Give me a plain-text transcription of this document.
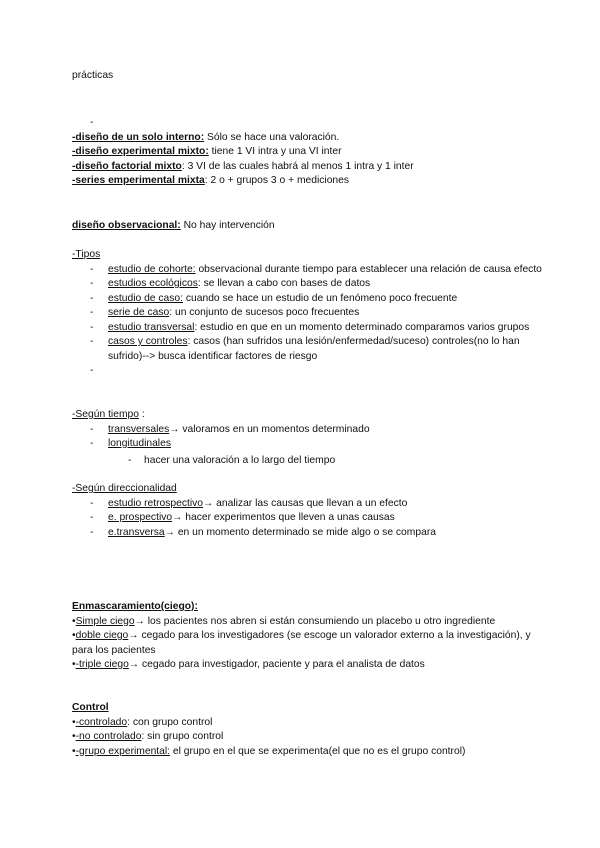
prácticas
-
-diseño de un solo interno: Sólo se hace una valoración.
-diseño experimental mixto: tiene 1 VI intra y una VI inter
-diseño factorial mixto: 3 VI de las cuales habrá al menos 1 intra y 1 inter
-series emperimental mixta: 2 o + grupos 3 o + mediciones
diseño observacional: No hay intervención
-Tipos
- estudio de cohorte: observacional durante tiempo para establecer una relación de causa efecto
- estudios ecológicos: se llevan a cabo con bases de datos
- estudio de caso: cuando se hace un estudio de un fenómeno poco frecuente
- serie de caso: un conjunto de sucesos poco frecuentes
- estudio transversal: estudio en que en un momento determinado comparamos varios grupos
- casos y controles: casos (han sufridos una lesión/enfermedad/suceso) controles(no lo han sufrido)--> busca identificar factores de riesgo
-
-Según tiempo :
- transversales→ valoramos en un momentos determinado
- longitudinales
- hacer una valoración a lo largo del tiempo
-Según direccionalidad
- estudio retrospectivo→ analizar las causas que llevan a un efecto
- e. prospectivo→ hacer experimentos que lleven a unas causas
- e.transversa→ en un momento determinado se mide algo o se compara
Enmascaramiento(ciego):
•Simple ciego→ los pacientes nos abren si están consumiendo un placebo u otro ingrediente
•doble ciego→ cegado para los investigadores (se escoge un valorador externo a la investigación), y para los pacientes
•-triple ciego→ cegado para investigador, paciente y para el analista de datos
Control
•-controlado: con grupo control
•-no controlado: sin grupo control
•-grupo experimental: el grupo en el que se experimenta(el que no es el grupo control)
